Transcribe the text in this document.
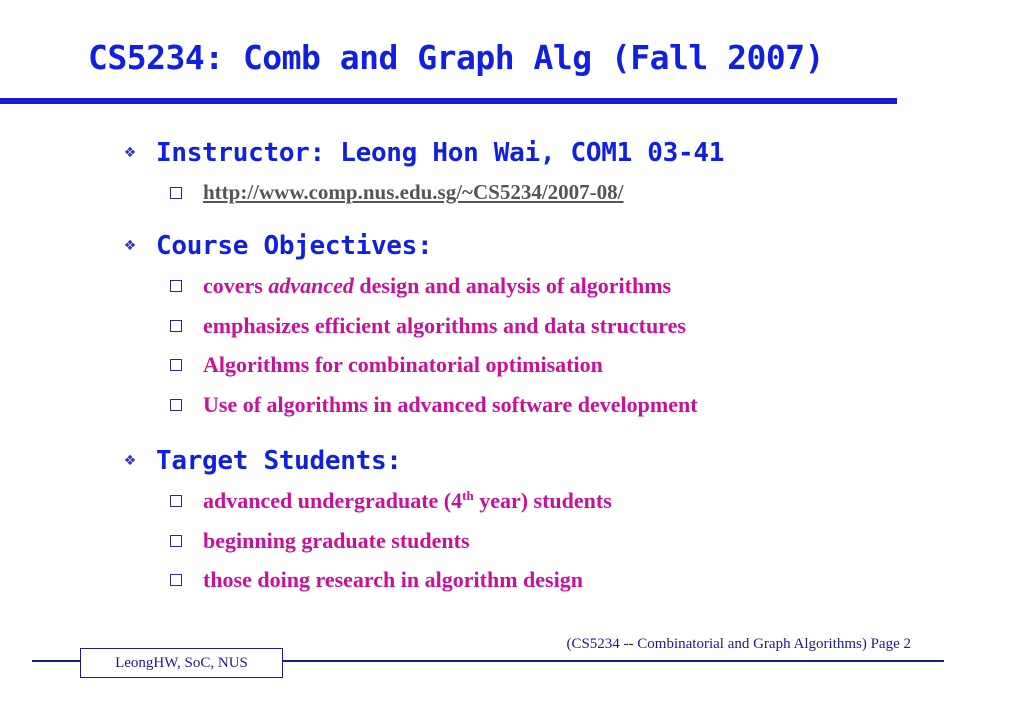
CS5234: Comb and Graph Alg (Fall 2007)
❖ Instructor: Leong Hon Wai, COM1 03-41
http://www.comp.nus.edu.sg/~CS5234/2007-08/
❖ Course Objectives:
covers advanced design and analysis of algorithms
emphasizes efficient algorithms and data structures
Algorithms for combinatorial optimisation
Use of algorithms in advanced software development
❖ Target Students:
advanced undergraduate (4th year) students
beginning graduate students
those doing research in algorithm design
(CS5234 -- Combinatorial and Graph Algorithms) Page 2
LeongHW, SoC, NUS
